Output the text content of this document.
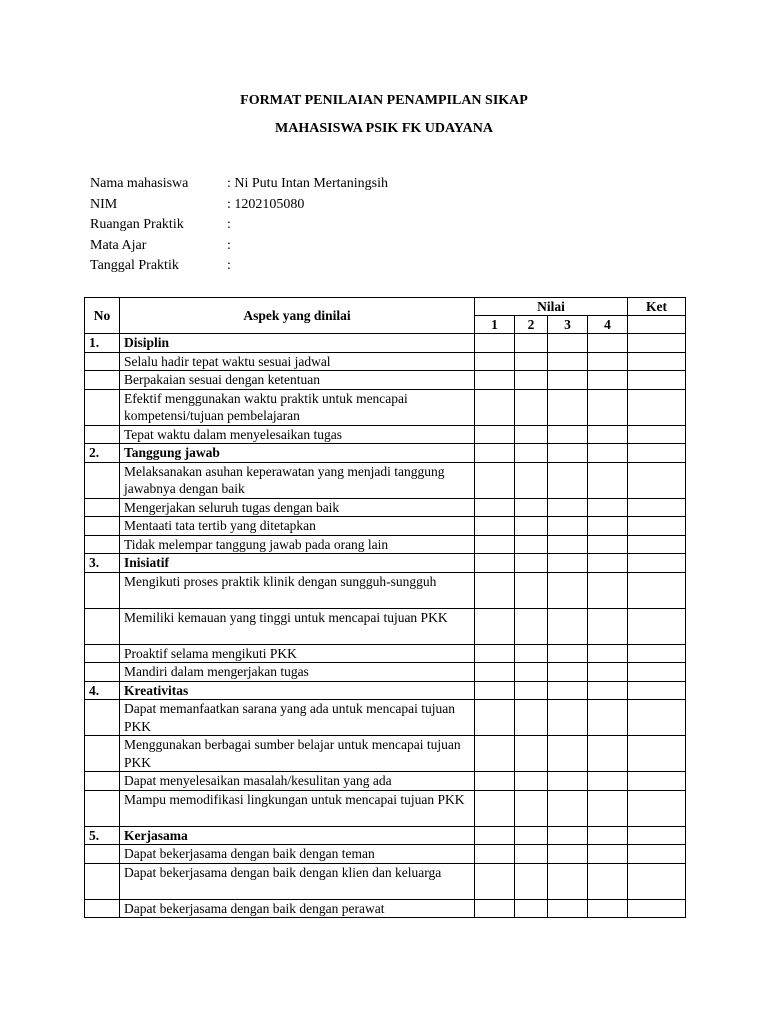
FORMAT PENILAIAN PENAMPILAN SIKAP
MAHASISWA PSIK FK UDAYANA
Nama mahasiswa	: Ni Putu Intan Mertaningsih
NIM	: 1202105080
Ruangan Praktik	:
Mata Ajar	:
Tanggal Praktik	:
No	Aspek yang dinilai	Nilai				Ket
		1	2	3	4	
1.	Disiplin					
	Selalu hadir tepat waktu sesuai jadwal					
	Berpakaian sesuai dengan ketentuan					
	Efektif menggunakan waktu praktik untuk mencapai kompetensi/tujuan pembelajaran					
	Tepat waktu dalam menyelesaikan tugas					
2.	Tanggung jawab					
	Melaksanakan asuhan keperawatan yang menjadi tanggung jawabnya dengan baik					
	Mengerjakan seluruh tugas dengan baik					
	Mentaati tata tertib yang ditetapkan					
	Tidak melempar tanggung jawab pada orang lain					
3.	Inisiatif					
	Mengikuti proses praktik klinik dengan sungguh-sungguh					
	Memiliki kemauan yang tinggi untuk mencapai tujuan PKK					
	Proaktif selama mengikuti PKK					
	Mandiri dalam mengerjakan tugas					
4.	Kreativitas					
	Dapat memanfaatkan sarana yang ada untuk mencapai tujuan PKK					
	Menggunakan berbagai sumber belajar untuk mencapai tujuan PKK					
	Dapat menyelesaikan masalah/kesulitan yang ada					
	Mampu memodifikasi lingkungan untuk mencapai tujuan PKK					
5.	Kerjasama					
	Dapat bekerjasama dengan baik dengan teman					
	Dapat bekerjasama dengan baik dengan klien dan keluarga					
	Dapat bekerjasama dengan baik dengan perawat					
